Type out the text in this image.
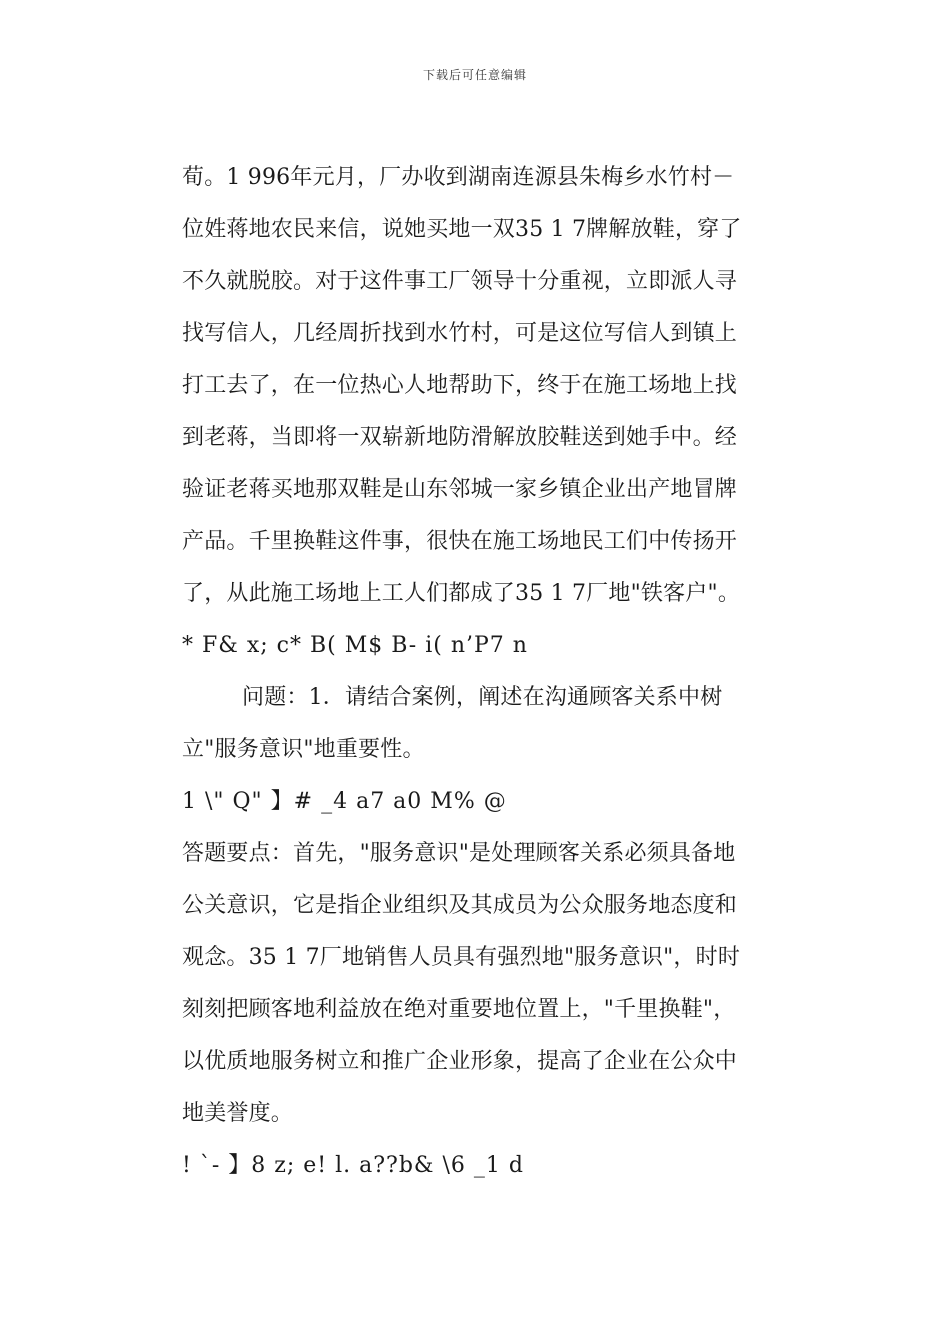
下载后可任意编辑
荀。1 996年元月，厂办收到湖南连源县朱梅乡水竹村－
位姓蒋地农民来信，说她买地一双35 1 7牌解放鞋，穿了
不久就脱胶。对于这件事工厂领导十分重视，立即派人寻
找写信人，几经周折找到水竹村，可是这位写信人到镇上
打工去了，在一位热心人地帮助下，终于在施工场地上找
到老蒋，当即将一双崭新地防滑解放胶鞋送到她手中。经
验证老蒋买地那双鞋是山东邻城一家乡镇企业出产地冒牌
产品。千里换鞋这件事，很快在施工场地民工们中传扬开
了，从此施工场地上工人们都成了35 1 7厂地"铁客户"。
* F& x; c* B( M$ B- i( n’P7 n
问题：1．请结合案例，阐述在沟通顾客关系中树
立"服务意识"地重要性。
1 \" Q" 】# _4 a7 a0 M% @
答题要点：首先，"服务意识"是处理顾客关系必须具备地
公关意识，它是指企业组织及其成员为公众服务地态度和
观念。35 1 7厂地销售人员具有强烈地"服务意识"，时时
刻刻把顾客地利益放在绝对重要地位置上，"千里换鞋"，
以优质地服务树立和推广企业形象，提高了企业在公众中
地美誉度。
! `- 】8 z; e! l. a??b& \6 _1 d
